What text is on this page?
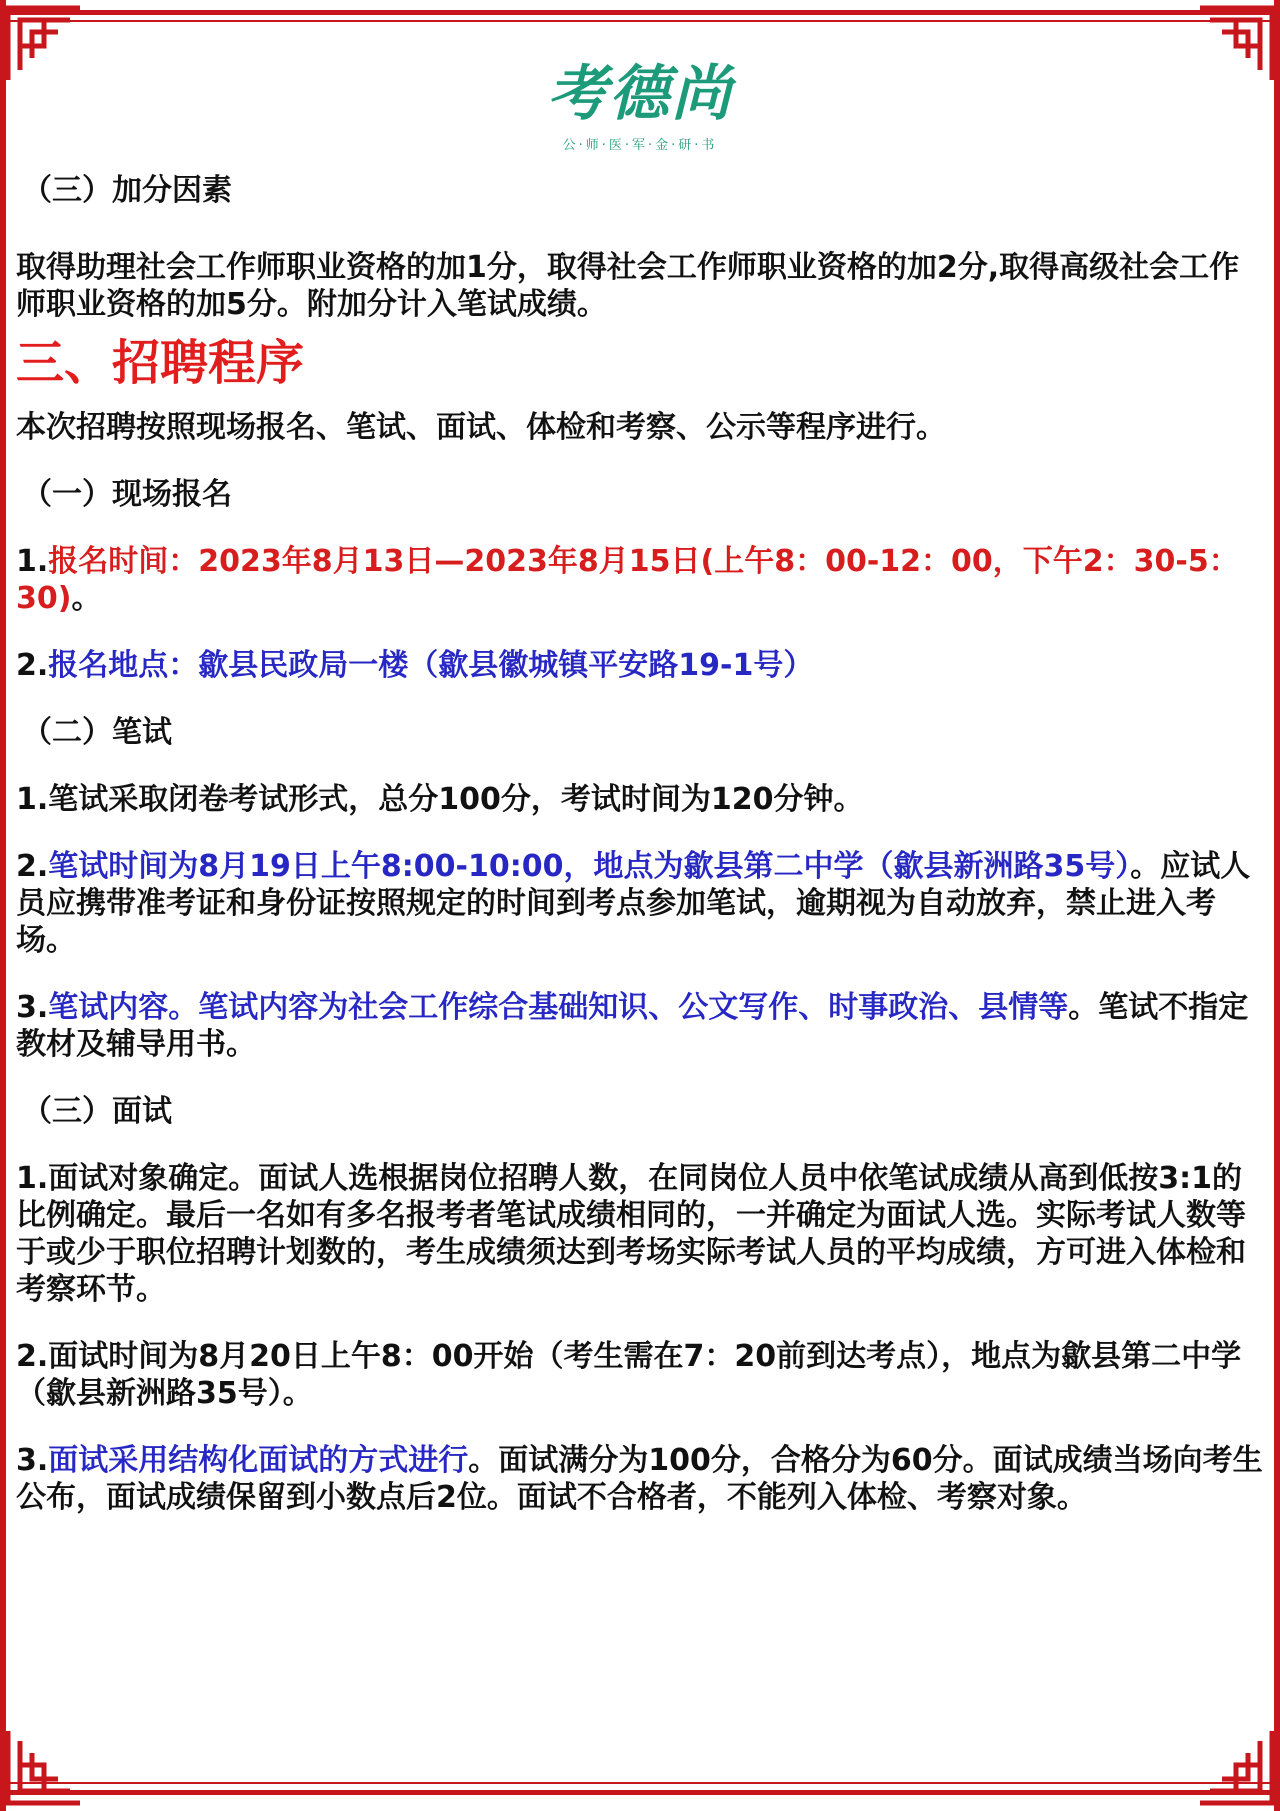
考德尚
公·师·医·军·金·研·书

（三）加分因素

取得助理社会工作师职业资格的加1分，取得社会工作师职业资格的加2分,取得高级社会工作师职业资格的加5分。附加分计入笔试成绩。

三、招聘程序

本次招聘按照现场报名、笔试、面试、体检和考察、公示等程序进行。

（一）现场报名

1.报名时间：2023年8月13日—2023年8月15日(上午8：00-12：00，下午2：30-5：30)。

2.报名地点：歙县民政局一楼（歙县徽城镇平安路19-1号）

（二）笔试

1.笔试采取闭卷考试形式，总分100分，考试时间为120分钟。

2.笔试时间为8月19日上午8:00-10:00，地点为歙县第二中学（歙县新洲路35号）。应试人员应携带准考证和身份证按照规定的时间到考点参加笔试，逾期视为自动放弃，禁止进入考场。

3.笔试内容。笔试内容为社会工作综合基础知识、公文写作、时事政治、县情等。笔试不指定教材及辅导用书。

（三）面试

1.面试对象确定。面试人选根据岗位招聘人数，在同岗位人员中依笔试成绩从高到低按3:1的比例确定。最后一名如有多名报考者笔试成绩相同的，一并确定为面试人选。实际考试人数等于或少于职位招聘计划数的，考生成绩须达到考场实际考试人员的平均成绩，方可进入体检和考察环节。

2.面试时间为8月20日上午8：00开始（考生需在7：20前到达考点），地点为歙县第二中学（歙县新洲路35号）。

3.面试采用结构化面试的方式进行。面试满分为100分，合格分为60分。面试成绩当场向考生公布，面试成绩保留到小数点后2位。面试不合格者，不能列入体检、考察对象。
